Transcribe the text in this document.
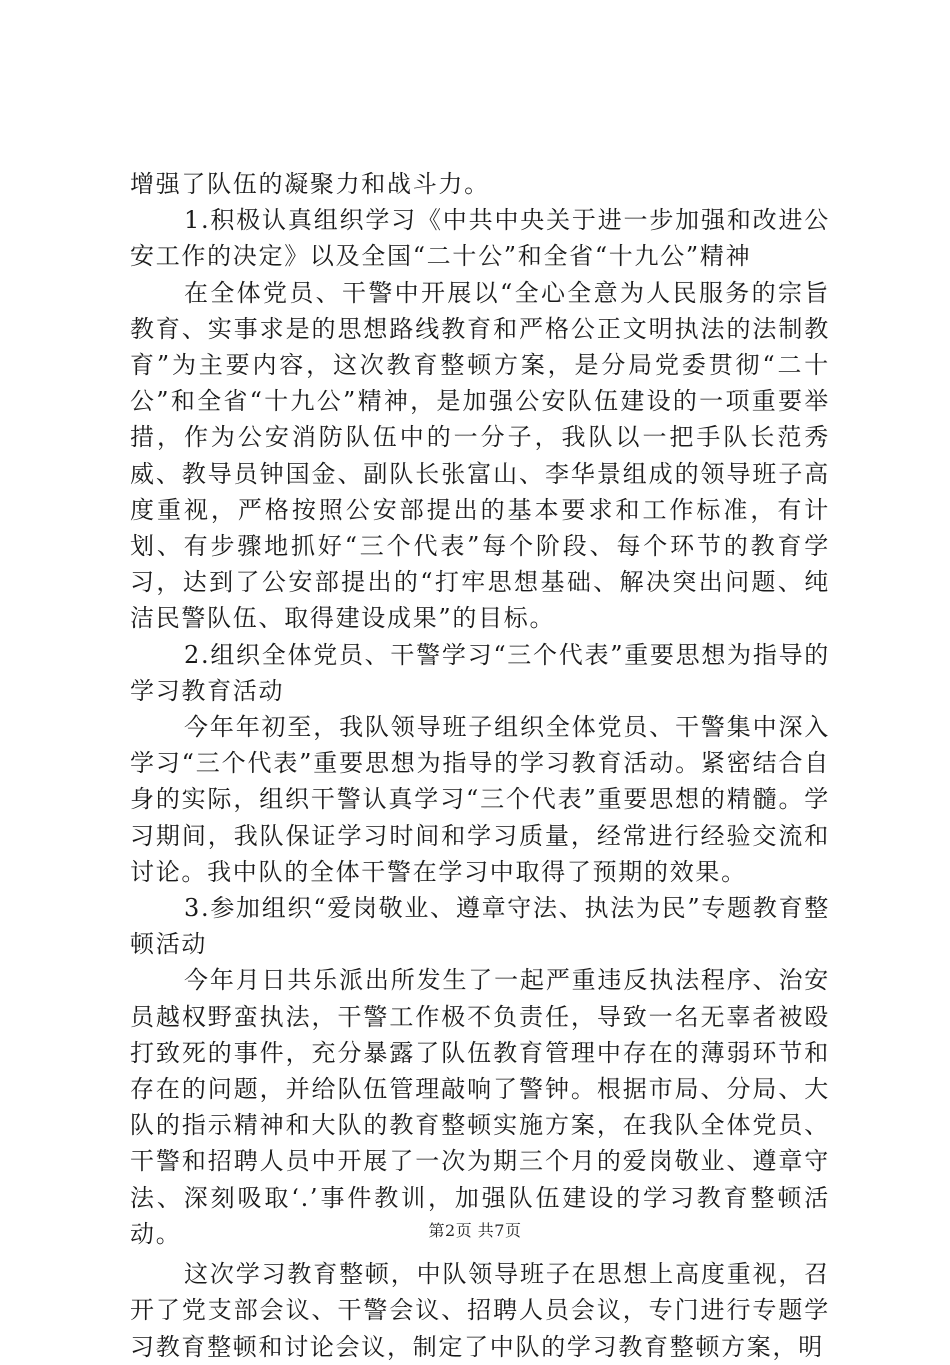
增强了队伍的凝聚力和战斗力。

1.积极认真组织学习《中共中央关于进一步加强和改进公安工作的决定》以及全国“二十公”和全省“十九公”精神

在全体党员、干警中开展以“全心全意为人民服务的宗旨教育、实事求是的思想路线教育和严格公正文明执法的法制教育”为主要内容，这次教育整顿方案，是分局党委贯彻“二十公”和全省“十九公”精神，是加强公安队伍建设的一项重要举措，作为公安消防队伍中的一分子，我队以一把手队长范秀威、教导员钟国金、副队长张富山、李华景组成的领导班子高度重视，严格按照公安部提出的基本要求和工作标准，有计划、有步骤地抓好“三个代表”每个阶段、每个环节的教育学习，达到了公安部提出的“打牢思想基础、解决突出问题、纯洁民警队伍、取得建设成果”的目标。

2.组织全体党员、干警学习“三个代表”重要思想为指导的学习教育活动

今年年初至，我队领导班子组织全体党员、干警集中深入学习“三个代表”重要思想为指导的学习教育活动。紧密结合自身的实际，组织干警认真学习“三个代表”重要思想的精髓。学习期间，我队保证学习时间和学习质量，经常进行经验交流和讨论。我中队的全体干警在学习中取得了预期的效果。

3.参加组织“爱岗敬业、遵章守法、执法为民”专题教育整顿活动

今年月日共乐派出所发生了一起严重违反执法程序、治安员越权野蛮执法，干警工作极不负责任，导致一名无辜者被殴打致死的事件，充分暴露了队伍教育管理中存在的薄弱环节和存在的问题，并给队伍管理敲响了警钟。根据市局、分局、大队的指示精神和大队的教育整顿实施方案，在我队全体党员、干警和招聘人员中开展了一次为期三个月的爱岗敬业、遵章守法、深刻吸取‘.’事件教训，加强队伍建设的学习教育整顿活动。

这次学习教育整顿，中队领导班子在思想上高度重视，召开了党支部会议、干警会议、招聘人员会议，专门进行专题学习教育整顿和讨论会议，制定了中队的学习教育整顿方案，明

第2页 共7页
